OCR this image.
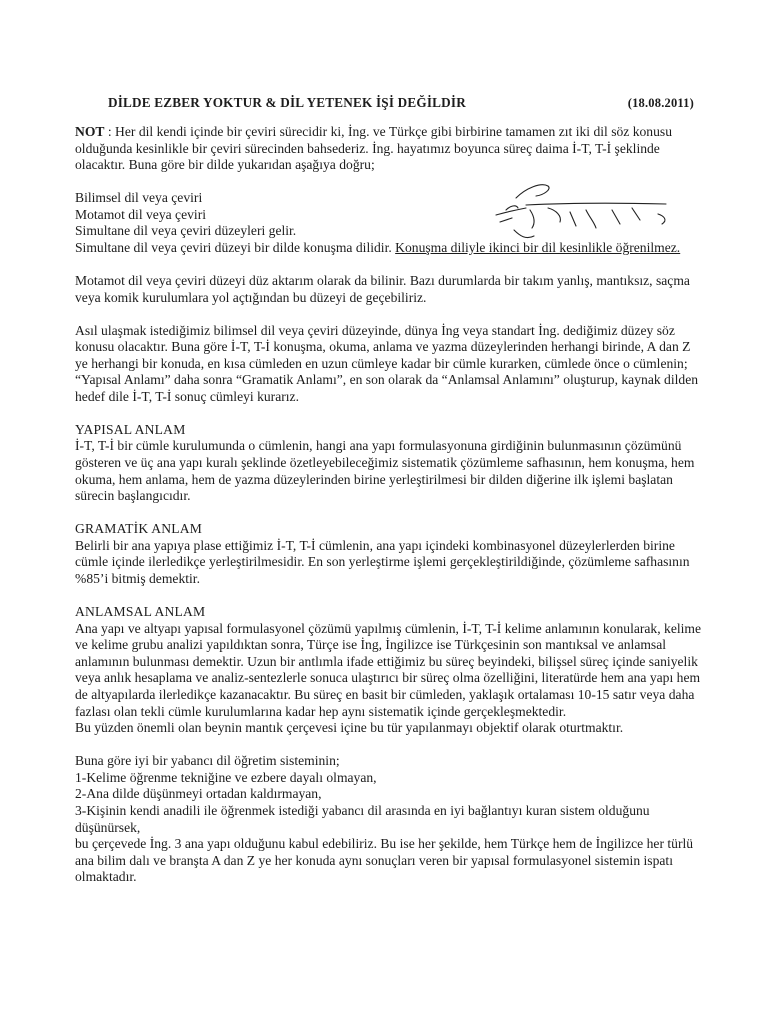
DİLDE EZBER YOKTUR & DİL YETENEK İŞİ DEĞİLDİR	(18.08.2011)

NOT : Her dil kendi içinde bir çeviri sürecidir ki, İng. ve Türkçe gibi birbirine tamamen zıt iki dil söz konusu olduğunda kesinlikle bir çeviri sürecinden bahsederiz. İng. hayatımız boyunca süreç daima İ-T, T-İ şeklinde olacaktır. Buna göre bir dilde yukarıdan aşağıya doğru;

Bilimsel dil veya çeviri

Motamot dil veya çeviri

Simultane dil veya çeviri düzeyleri gelir.

Simultane dil veya çeviri düzeyi bir dilde konuşma dilidir. Konuşma diliyle ikinci bir dil kesinlikle öğrenilmez.

Motamot dil veya çeviri düzeyi düz aktarım olarak da bilinir. Bazı durumlarda bir takım yanlış, mantıksız, saçma veya komik kurulumlara yol açtığından bu düzeyi de geçebiliriz.

Asıl ulaşmak istediğimiz bilimsel dil veya çeviri düzeyinde, dünya İng veya standart İng. dediğimiz düzey söz konusu olacaktır. Buna göre İ-T, T-İ konuşma, okuma, anlama ve yazma düzeylerinden herhangi birinde, A dan Z ye herhangi bir konuda, en kısa cümleden en uzun cümleye kadar bir cümle kurarken, cümlede önce o cümlenin; “Yapısal Anlamı” daha sonra “Gramatik Anlamı”, en son olarak da “Anlamsal Anlamını” oluşturup, kaynak dilden hedef dile İ-T, T-İ sonuç cümleyi kurarız.

YAPISAL ANLAM

İ-T, T-İ bir cümle kurulumunda o cümlenin, hangi ana yapı formulasyonuna girdiğinin bulunmasının çözümünü gösteren ve üç ana yapı kuralı şeklinde özetleyebileceğimiz sistematik çözümleme safhasının, hem konuşma, hem okuma, hem anlama, hem de yazma düzeylerinden birine yerleştirilmesi bir dilden diğerine ilk işlemi başlatan sürecin başlangıcıdır.

GRAMATİK ANLAM

Belirli bir ana yapıya plase ettiğimiz İ-T, T-İ cümlenin, ana yapı içindeki kombinasyonel düzeylerlerden birine cümle içinde ilerledikçe yerleştirilmesidir. En son yerleştirme işlemi gerçekleştirildiğinde, çözümleme safhasının %85’i bitmiş demektir.

ANLAMSAL ANLAM

Ana yapı ve altyapı yapısal formulasyonel çözümü yapılmış cümlenin, İ-T, T-İ kelime anlamının konularak, kelime ve kelime grubu analizi yapıldıktan sonra, Türçe ise İng, İngilizce ise Türkçesinin son mantıksal ve anlamsal anlamının bulunması demektir. Uzun bir antlımla ifade ettiğimiz bu süreç beyindeki, bilişsel süreç içinde saniyelik veya anlık hesaplama ve analiz-sentezlerle sonuca ulaştırıcı bir süreç olma özelliğini, literatürde hem ana yapı hem de altyapılarda ilerledikçe kazanacaktır. Bu süreç en basit bir cümleden, yaklaşık ortalaması 10-15 satır veya daha fazlası olan tekli cümle kurulumlarına kadar hep aynı sistematik içinde gerçekleşmektedir.

Bu yüzden önemli olan beynin mantık çerçevesi içine bu tür yapılanmayı objektif olarak oturtmaktır.

Buna göre iyi bir yabancı dil öğretim sisteminin;

1-Kelime öğrenme tekniğine ve ezbere dayalı olmayan,

2-Ana dilde düşünmeyi ortadan kaldırmayan,

3-Kişinin kendi anadili ile öğrenmek istediği yabancı dil arasında en iyi bağlantıyı kuran sistem olduğunu düşünürsek,

bu çerçevede İng. 3 ana yapı olduğunu kabul edebiliriz. Bu ise her şekilde, hem Türkçe hem de İngilizce her türlü ana bilim dalı ve branşta A dan Z ye her konuda aynı sonuçları veren bir yapısal formulasyonel sistemin ispatı olmaktadır.
